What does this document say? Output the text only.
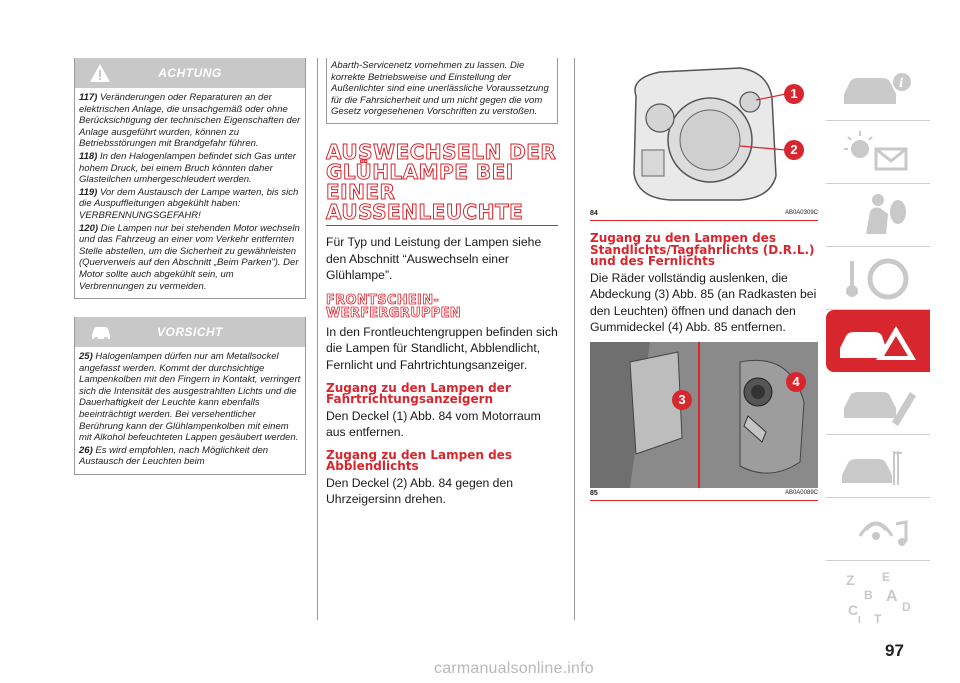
ACHTUNG

117) Veränderungen oder Reparaturen an der elektrischen Anlage, die unsachgemäß oder ohne Berücksichtigung der technischen Eigenschaften der Anlage ausgeführt wurden, können zu Betriebsstörungen mit Brandgefahr führen.

118) In den Halogenlampen befindet sich Gas unter hohem Druck, bei einem Bruch könnten daher Glasteilchen umhergeschleudert werden.

119) Vor dem Austausch der Lampe warten, bis sich die Auspuffleitungen abgekühlt haben: VERBRENNUNGSGEFAHR!

120) Die Lampen nur bei stehenden Motor wechseln und das Fahrzeug an einer vom Verkehr entfernten Stelle abstellen, um die Sicherheit zu gewährleisten (Querverweis auf den Abschnitt „Beim Parken"). Der Motor sollte auch abgekühlt sein, um Verbrennungen zu vermeiden.

VORSICHT

25) Halogenlampen dürfen nur am Metallsockel angefasst werden. Kommt der durchsichtige Lampenkolben mit den Fingern in Kontakt, verringert sich die Intensität des ausgestrahlten Lichts und die Dauerhaftigkeit der Leuchte kann ebenfalls beeinträchtigt werden. Bei versehentlicher Berührung kann der Glühlampenkolben mit einem mit Alkohol befeuchteten Lappen gesäubert werden.

26) Es wird empfohlen, nach Möglichkeit den Austausch der Leuchten beim

Abarth-Servicenetz vornehmen zu lassen. Die korrekte Betriebsweise und Einstellung der Außenlichter sind eine unerlässliche Voraussetzung für die Fahrsicherheit und um nicht gegen die vom Gesetz vorgesehenen Vorschriften zu verstoßen.

AUSWECHSELN DER GLÜHLAMPE BEI EINER AUSSENLEUCHTE

Für Typ und Leistung der Lampen siehe den Abschnitt “Auswechseln einer Glühlampe”.

FRONTSCHEIN-WERFERGRUPPEN

In den Frontleuchtengruppen befinden sich die Lampen für Standlicht, Abblendlicht, Fernlicht und Fahrtrichtungsanzeiger.

Zugang zu den Lampen der Fahrtrichtungsanzeigern

Den Deckel (1) Abb. 84 vom Motorraum aus entfernen.

Zugang zu den Lampen des Abblendlichts

Den Deckel (2) Abb. 84 gegen den Uhrzeigersinn drehen.

1
2
84	AB0A0309C
Zugang zu den Lampen des Standlichts/Tagfahrlichts (D.R.L.) und des Fernlichts

Die Räder vollständig auslenken, die Abdeckung (3) Abb. 85 (an Radkasten bei den Leuchten) öffnen und danach den Gummideckel (4) Abb. 85 entfernen.

3
4
85	AB0A0089C
i
Z E
B A
C	D
T
I
97
carmanualsonline.info
